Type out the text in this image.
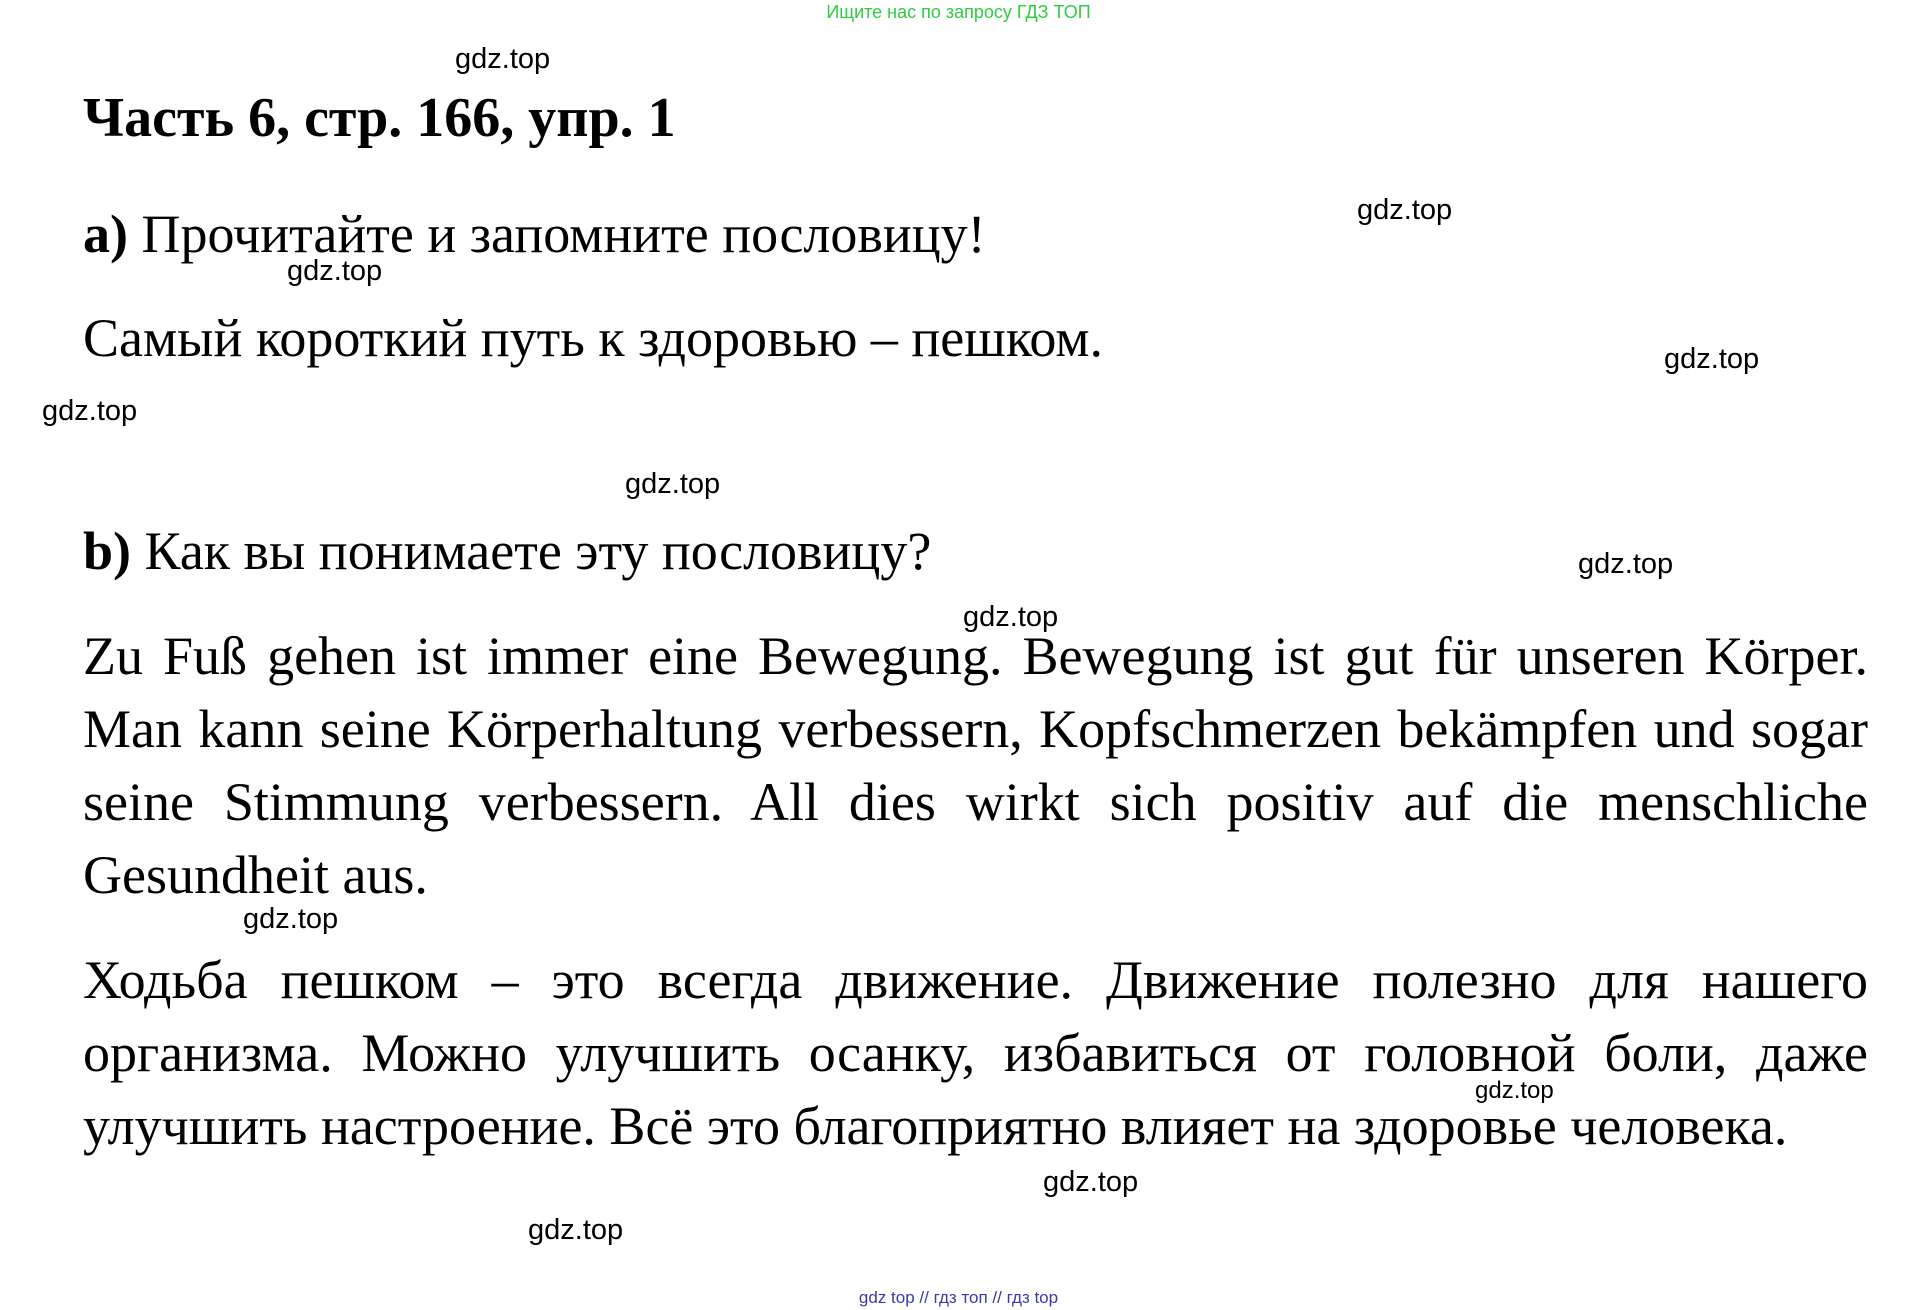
Ищите нас по запросу ГДЗ ТОП
Часть 6, стр. 166, упр. 1
a) Прочитайте и запомните пословицу!
Самый короткий путь к здоровью – пешком.
b) Как вы понимаете эту пословицу?

Zu Fuß gehen ist immer eine Bewegung. Bewegung ist gut für unseren Körper. Man kann seine Körperhaltung verbessern, Kopfschmerzen bekämpfen und sogar seine Stimmung verbessern. All dies wirkt sich positiv auf die menschliche Gesundheit aus.

Ходьба пешком – это всегда движение. Движение полезно для нашего организма. Можно улучшить осанку, избавиться от головной боли, даже улучшить настроение. Всё это благоприятно влияет на здоровье человека.

gdz.top
gdz.top
gdz.top
gdz.top
gdz.top
gdz.top
gdz.top
gdz.top
gdz.top
gdz.top
gdz.top
gdz.top
gdz top // гдз топ // гдз top
